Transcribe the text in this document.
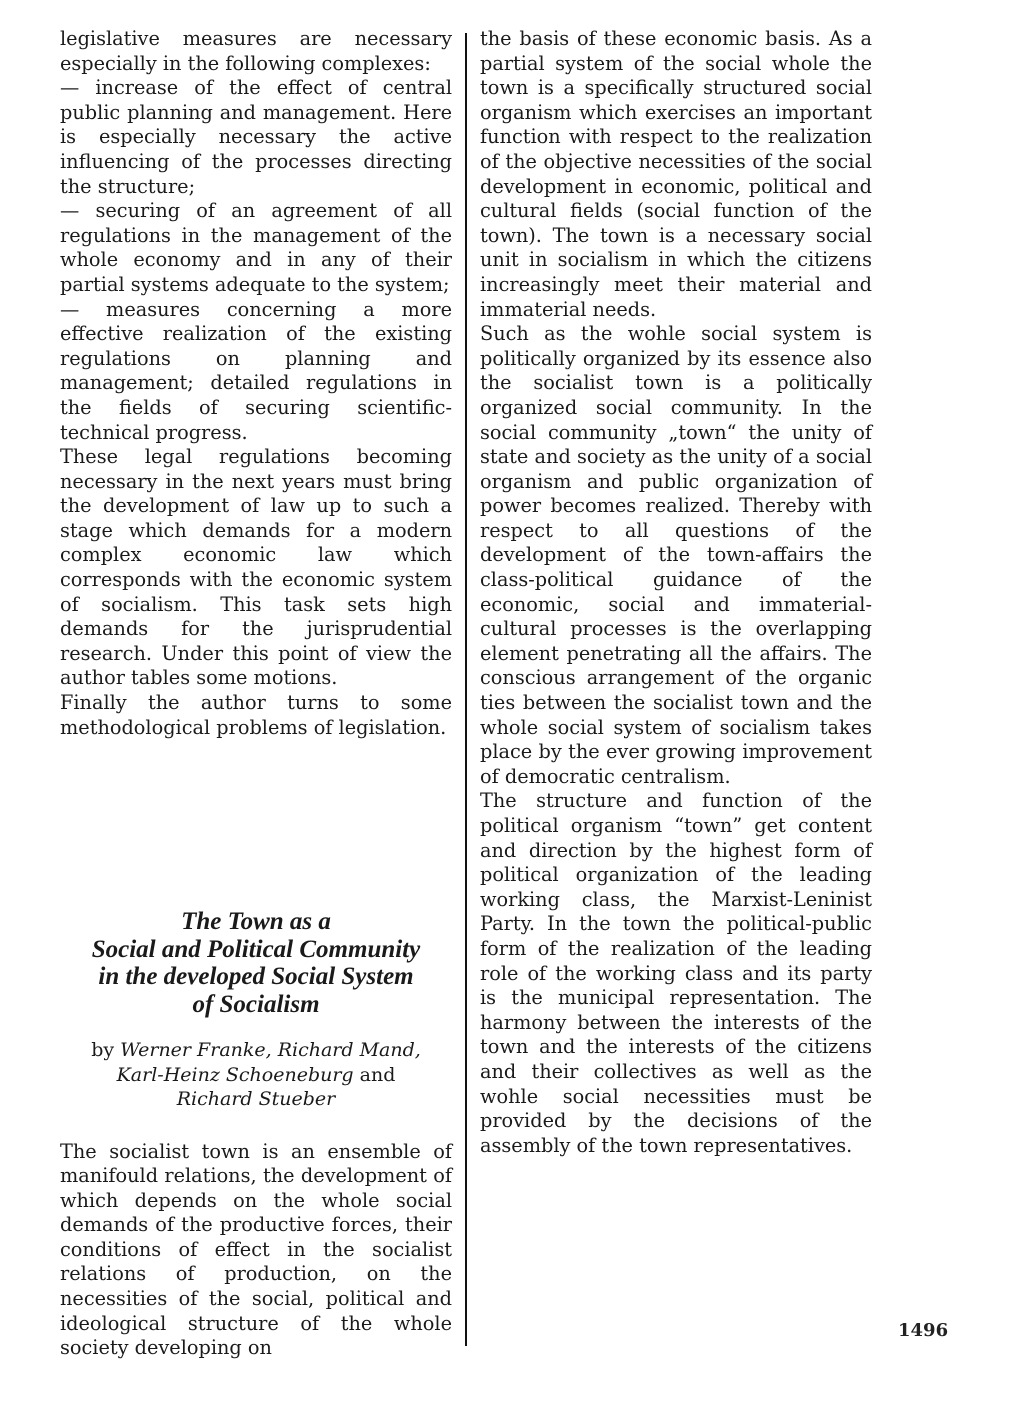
legislative measures are necessary especially in the following complexes:

— increase of the effect of central public planning and management. Here is especially necessary the active influencing of the processes directing the structure;

— securing of an agreement of all regulations in the management of the whole economy and in any of their partial systems adequate to the system;

— measures concerning a more effective realization of the existing regulations on planning and management; detailed regulations in the fields of securing scientific-technical progress.

These legal regulations becoming necessary in the next years must bring the development of law up to such a stage which demands for a modern complex economic law which corresponds with the economic system of socialism. This task sets high demands for the jurisprudential research. Under this point of view the author tables some motions.

Finally the author turns to some methodological problems of legislation.

The Town as a
Social and Political Community
in the developed Social System
of Socialism
by Werner Franke, Richard Mand,
Karl-Heinz Schoeneburg and
Richard Stueber

The socialist town is an ensemble of manifould relations, the development of which depends on the whole social demands of the productive forces, their conditions of effect in the socialist relations of production, on the necessities of the social, political and ideological structure of the whole society developing on

the basis of these economic basis. As a partial system of the social whole the town is a specifically structured social organism which exercises an important function with respect to the realization of the objective necessities of the social development in economic, political and cultural fields (social function of the town). The town is a necessary social unit in socialism in which the citizens increasingly meet their material and immaterial needs.

Such as the wohle social system is politically organized by its essence also the socialist town is a politically organized social community. In the social community „town“ the unity of state and society as the unity of a social organism and public organization of power becomes realized. Thereby with respect to all questions of the development of the town-affairs the class-political guidance of the economic, social and immaterial-cultural processes is the overlapping element penetrating all the affairs. The conscious arrangement of the organic ties between the socialist town and the whole social system of socialism takes place by the ever growing improvement of democratic centralism.

The structure and function of the political organism “town” get content and direction by the highest form of political organization of the leading working class, the Marxist-Leninist Party. In the town the political-public form of the realization of the leading role of the working class and its party is the municipal representation. The harmony between the interests of the town and the interests of the citizens and their collectives as well as the wohle social necessities must be provided by the decisions of the assembly of the town representatives.

1496
